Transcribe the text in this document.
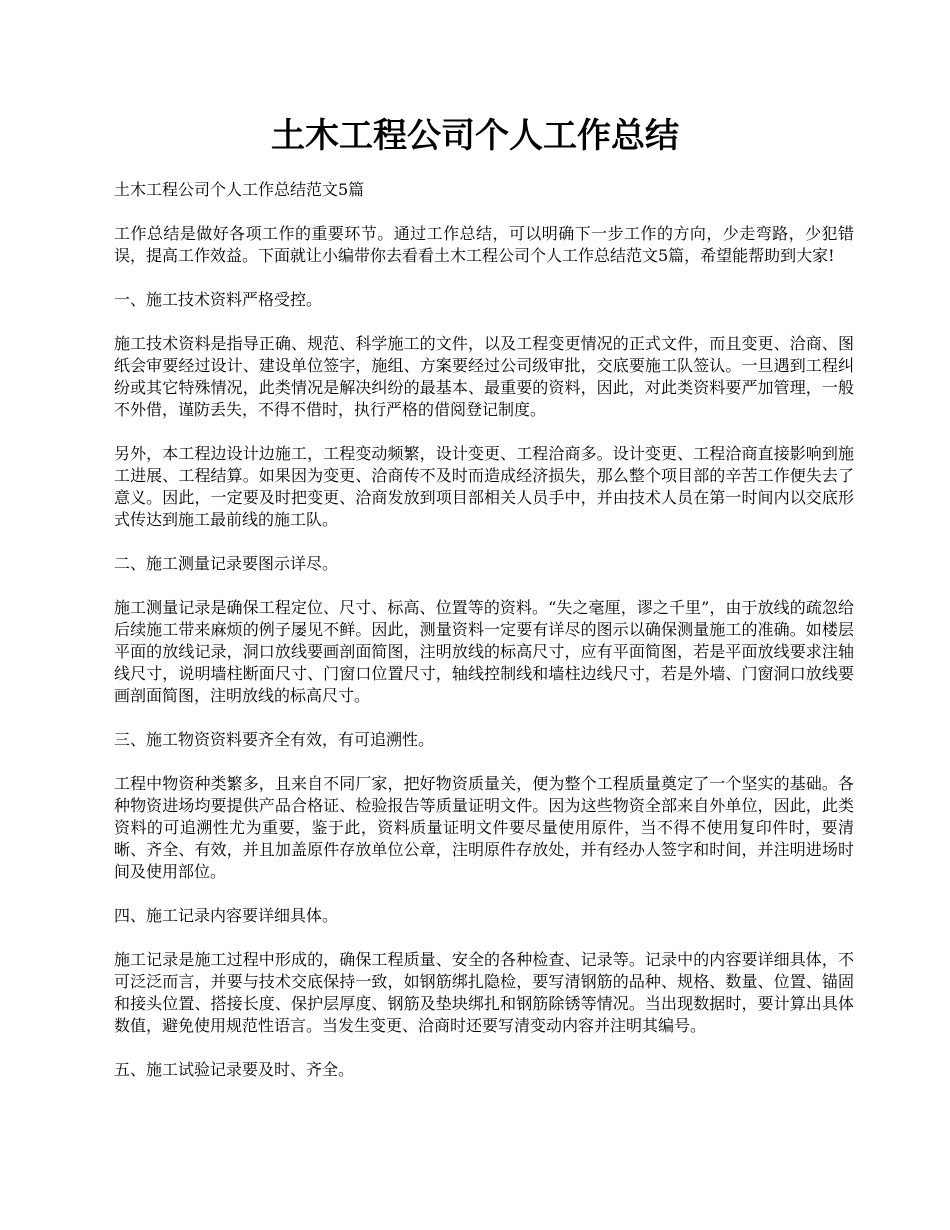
土木工程公司个人工作总结

土木工程公司个人工作总结范文5篇

工作总结是做好各项工作的重要环节。通过工作总结，可以明确下一步工作的方向，少走弯路，少犯错误，提高工作效益。下面就让小编带你去看看土木工程公司个人工作总结范文5篇，希望能帮助到大家!

一、施工技术资料严格受控。

施工技术资料是指导正确、规范、科学施工的文件，以及工程变更情况的正式文件，而且变更、洽商、图纸会审要经过设计、建设单位签字，施组、方案要经过公司级审批，交底要施工队签认。一旦遇到工程纠纷或其它特殊情况，此类情况是解决纠纷的最基本、最重要的资料，因此，对此类资料要严加管理，一般不外借，谨防丢失，不得不借时，执行严格的借阅登记制度。

另外，本工程边设计边施工，工程变动频繁，设计变更、工程洽商多。设计变更、工程洽商直接影响到施工进展、工程结算。如果因为变更、洽商传不及时而造成经济损失，那么整个项目部的辛苦工作便失去了意义。因此，一定要及时把变更、洽商发放到项目部相关人员手中，并由技术人员在第一时间内以交底形式传达到施工最前线的施工队。

二、施工测量记录要图示详尽。

施工测量记录是确保工程定位、尺寸、标高、位置等的资料。“失之毫厘，谬之千里”，由于放线的疏忽给后续施工带来麻烦的例子屡见不鲜。因此，测量资料一定要有详尽的图示以确保测量施工的准确。如楼层平面的放线记录，洞口放线要画剖面简图，注明放线的标高尺寸，应有平面简图，若是平面放线要求注轴线尺寸，说明墙柱断面尺寸、门窗口位置尺寸，轴线控制线和墙柱边线尺寸，若是外墙、门窗洞口放线要画剖面简图，注明放线的标高尺寸。

三、施工物资资料要齐全有效，有可追溯性。

工程中物资种类繁多，且来自不同厂家，把好物资质量关，便为整个工程质量奠定了一个坚实的基础。各种物资进场均要提供产品合格证、检验报告等质量证明文件。因为这些物资全部来自外单位，因此，此类资料的可追溯性尤为重要，鉴于此，资料质量证明文件要尽量使用原件，当不得不使用复印件时，要清晰、齐全、有效，并且加盖原件存放单位公章，注明原件存放处，并有经办人签字和时间，并注明进场时间及使用部位。

四、施工记录内容要详细具体。

施工记录是施工过程中形成的，确保工程质量、安全的各种检查、记录等。记录中的内容要详细具体，不可泛泛而言，并要与技术交底保持一致，如钢筋绑扎隐检，要写清钢筋的品种、规格、数量、位置、锚固和接头位置、搭接长度、保护层厚度、钢筋及垫块绑扎和钢筋除锈等情况。当出现数据时，要计算出具体数值，避免使用规范性语言。当发生变更、洽商时还要写清变动内容并注明其编号。

五、施工试验记录要及时、齐全。
